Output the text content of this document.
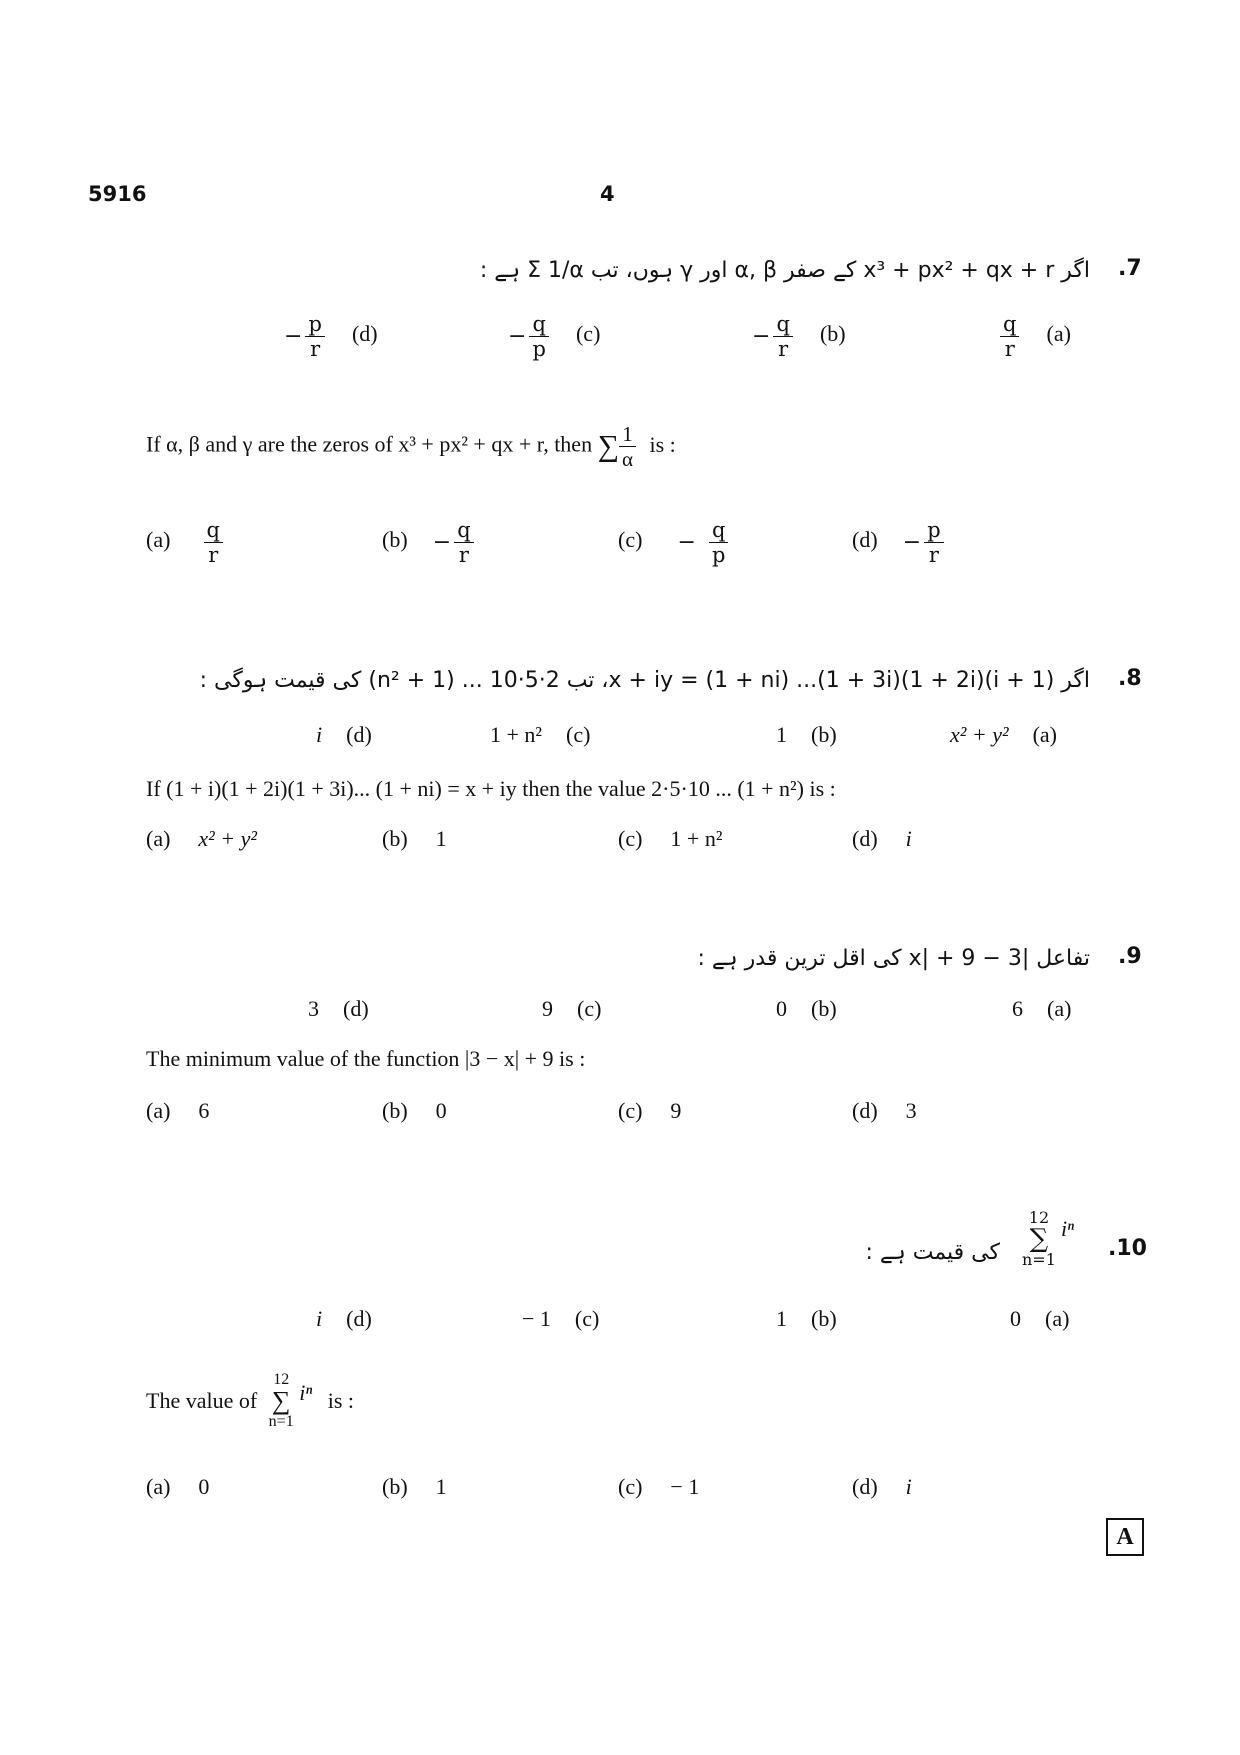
5916	4
.7
اگر x³ + px² + qx + r کے صفر α, β اور γ ہوں، تب Σ 1/α ہے :
$\frac{q}{r} (a)$
− $\frac{q}{r} (b)$
− $\frac{q}{p} (c)$
− $\frac{p}{r} (d)$
If α, β and γ are the zeros of x³ + px² + qx + r, then ∑ $\frac{1}{\alpha}$ is :
$(a) \frac{q}{r}$	$(b) - \frac{q}{r}$	$(c) - \frac{q}{p}$	$(d) - \frac{p}{r}$
.8
اگر (1 + i)(1 + 2i)(1 + 3i)... (1 + ni) = x + iy، تب 2·5·10 ... (1 + n²) کی قیمت ہوگی :
x² + y² (a)
1 (b)
1 + n² (c)
i (d)
If (1 + i)(1 + 2i)(1 + 3i)... (1 + ni) = x + iy then the value 2·5·10 ... (1 + n²) is :
(a) x² + y²	(b) 1	(c) 1 + n²	(d) i
.9
تفاعل |3 − x| + 9 کی اقل ترین قدر ہے :
6 (a)
0 (b)
9 (c)
3 (d)
The minimum value of the function |3 − x| + 9 is :
(a) 6	(b) 0	(c) 9	(d) 3
.10
12
∑
n=1
iⁿ
کی قیمت ہے :
0 (a)
1 (b)
− 1 (c)
i (d)
The value of
12
∑
n=1
iⁿ is :
(a) 0	(b) 1	(c) − 1	(d) i
A
